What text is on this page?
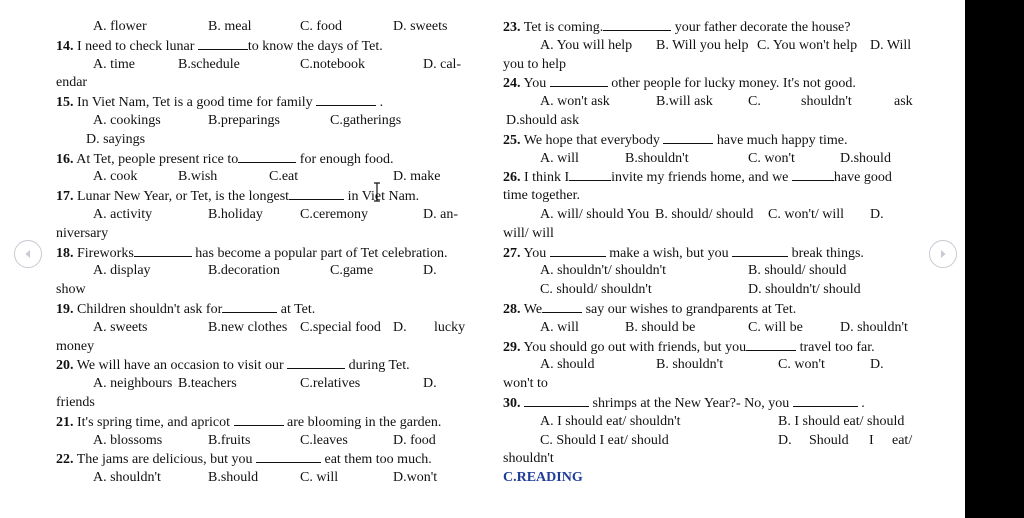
A. flower	B. meal	C. food	D. sweets
14. I need to check lunar	to know the days of Tet.
A. time	B.schedule	C.notebook	D. cal-
endar
15. In Viet Nam, Tet is a good time for family	.
A. cookings	B.preparings	C.gatherings
D. sayings
16. At Tet, people present rice to	for enough food.
A. cook	B.wish	C.eat	D. make
17. Lunar New Year, or Tet, is the longest	in Viet Nam.
A. activity	B.holiday	C.ceremony	D. an-
niversary
18. Fireworks	has become a popular part of Tet celebration.
A. display	B.decoration	C.game	D.
show
19. Children shouldn't ask for	at Tet.
A. sweets	B.new clothes C.special food D. lucky
money
20. We will have an occasion to visit our	during Tet.
A. neighbours B.teachers	C.relatives	D.
friends
21. It's spring time, and apricot	are blooming in the garden.
A. blossoms	B.fruits	C.leaves	D. food
22. The jams are delicious, but you	eat them too much.
A. shouldn't	B.should	C. will	D.won't
23. Tet is coming.	your father decorate the house?
A. You will help B. Will you help C. You won't help D. Will
you to help
24. You	other people for lucky money. It's not good.
A. won't ask	B.will ask	C.	shouldn't	ask
D.should ask
25. We hope that everybody	have much happy time.
A. will	B.shouldn't	C. won't	D.should
26. I think I	invite my friends home, and we	have good
time together.
A. will/ should You B. should/ should C. won't/ will D.
will/ will
27. You	make a wish, but you	break things.
A. shouldn't/ shouldn't	B. should/ should
C. should/ shouldn't	D. shouldn't/ should
28. We	say our wishes to grandparents at Tet.
A. will	B. should be	C. will be	D. shouldn't
29. You should go out with friends, but you	travel too far.
A. should	B. shouldn't	C. won't	D.
won't to
30.	shrimps at the New Year?- No, you	.
A. I should eat/ shouldn't	B. I should eat/ should
C. Should I eat/ should	D. Should I eat/
shouldn't
C.READING
